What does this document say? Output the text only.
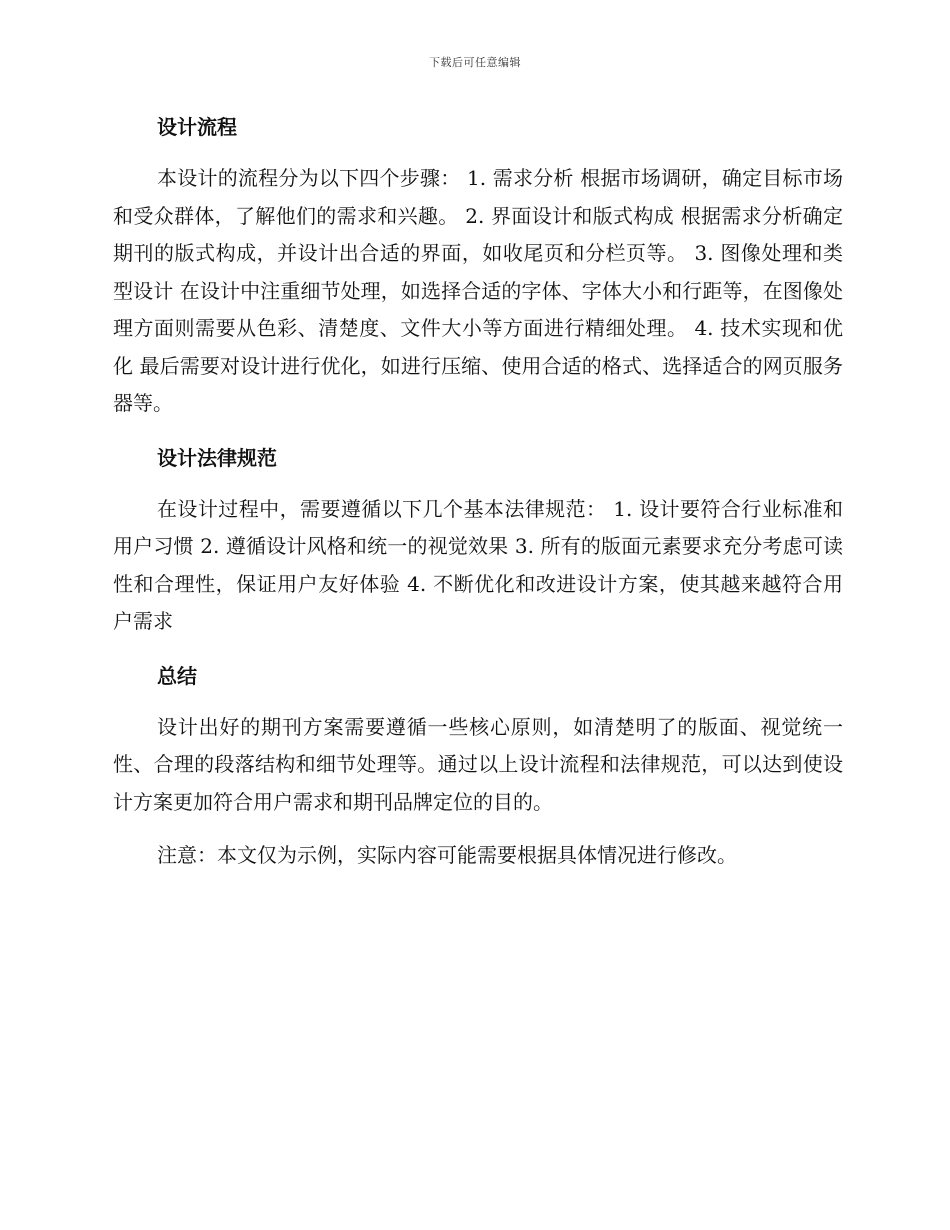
下载后可任意编辑
设计流程

本设计的流程分为以下四个步骤： 1. 需求分析 根据市场调研，确定目标市场和受众群体，了解他们的需求和兴趣。 2. 界面设计和版式构成 根据需求分析确定期刊的版式构成，并设计出合适的界面，如收尾页和分栏页等。 3. 图像处理和类型设计 在设计中注重细节处理，如选择合适的字体、字体大小和行距等，在图像处理方面则需要从色彩、清楚度、文件大小等方面进行精细处理。 4. 技术实现和优化 最后需要对设计进行优化，如进行压缩、使用合适的格式、选择适合的网页服务器等。

设计法律规范

在设计过程中，需要遵循以下几个基本法律规范： 1. 设计要符合行业标准和用户习惯 2. 遵循设计风格和统一的视觉效果 3. 所有的版面元素要求充分考虑可读性和合理性，保证用户友好体验 4. 不断优化和改进设计方案，使其越来越符合用户需求

总结

设计出好的期刊方案需要遵循一些核心原则，如清楚明了的版面、视觉统一性、合理的段落结构和细节处理等。通过以上设计流程和法律规范，可以达到使设计方案更加符合用户需求和期刊品牌定位的目的。

注意：本文仅为示例，实际内容可能需要根据具体情况进行修改。
